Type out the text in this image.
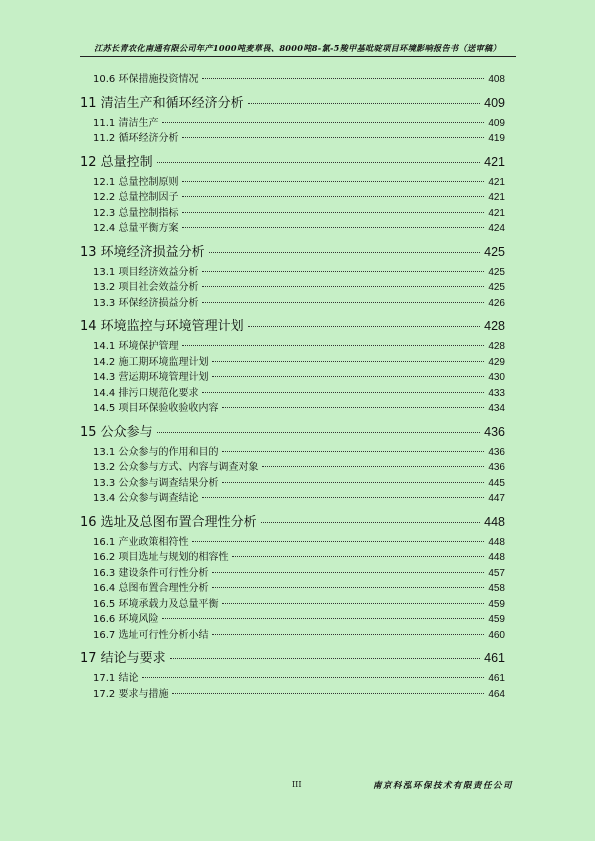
江苏长青农化南通有限公司年产1000吨麦草畏、8000吨8-氯-5羧甲基吡啶项目环境影响报告书（送审稿）
10.6 环保措施投资情况	408
11 清洁生产和循环经济分析	409
11.1 清洁生产	409
11.2 循环经济分析	419
12 总量控制	421
12.1 总量控制原则	421
12.2 总量控制因子	421
12.3 总量控制指标	421
12.4 总量平衡方案	424
13 环境经济损益分析	425
13.1 项目经济效益分析	425
13.2 项目社会效益分析	425
13.3 环保经济损益分析	426
14 环境监控与环境管理计划	428
14.1 环境保护管理	428
14.2 施工期环境监理计划	429
14.3 营运期环境管理计划	430
14.4 排污口规范化要求	433
14.5 项目环保验收验收内容	434
15 公众参与	436
13.1 公众参与的作用和目的	436
13.2 公众参与方式、内容与调查对象	436
13.3 公众参与调查结果分析	445
13.4 公众参与调查结论	447
16 选址及总图布置合理性分析	448
16.1 产业政策相符性	448
16.2 项目选址与规划的相容性	448
16.3 建设条件可行性分析	457
16.4 总图布置合理性分析	458
16.5 环境承载力及总量平衡	459
16.6 环境风险	459
16.7 选址可行性分析小结	460
17 结论与要求	461
17.1 结论	461
17.2 要求与措施	464
III	南京科泓环保技术有限责任公司
